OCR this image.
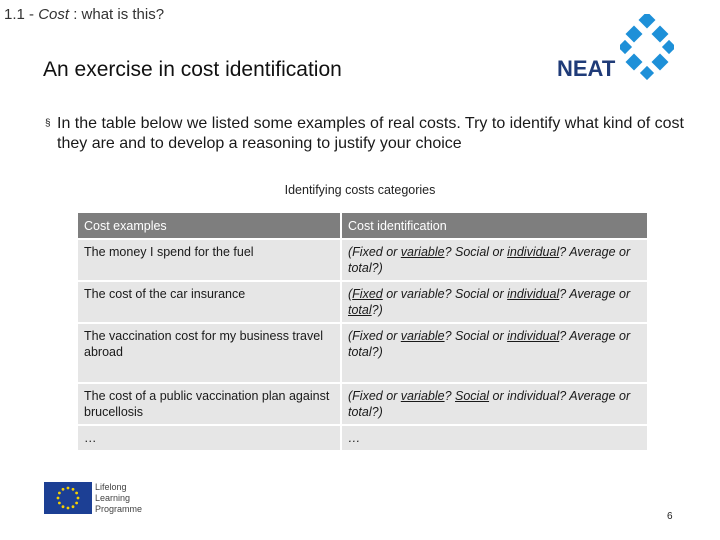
1.1 - Cost : what is this?
An exercise in cost identification	NEAT
§ In the table below we listed some examples of real costs. Try to identify what kind of cost they are and to develop a reasoning to justify your choice
Identifying costs categories
Cost examples	Cost identification
The money I spend for the fuel	(Fixed or variable? Social or individual? Average or total?)
The cost of the car insurance	(Fixed or variable? Social or individual? Average or total?)
The vaccination cost for my business travel abroad	(Fixed or variable? Social or individual? Average or total?)
The cost of a public vaccination plan against brucellosis	(Fixed or variable? Social or individual? Average or total?)
…	…
Lifelong
Learning
Programme
6
